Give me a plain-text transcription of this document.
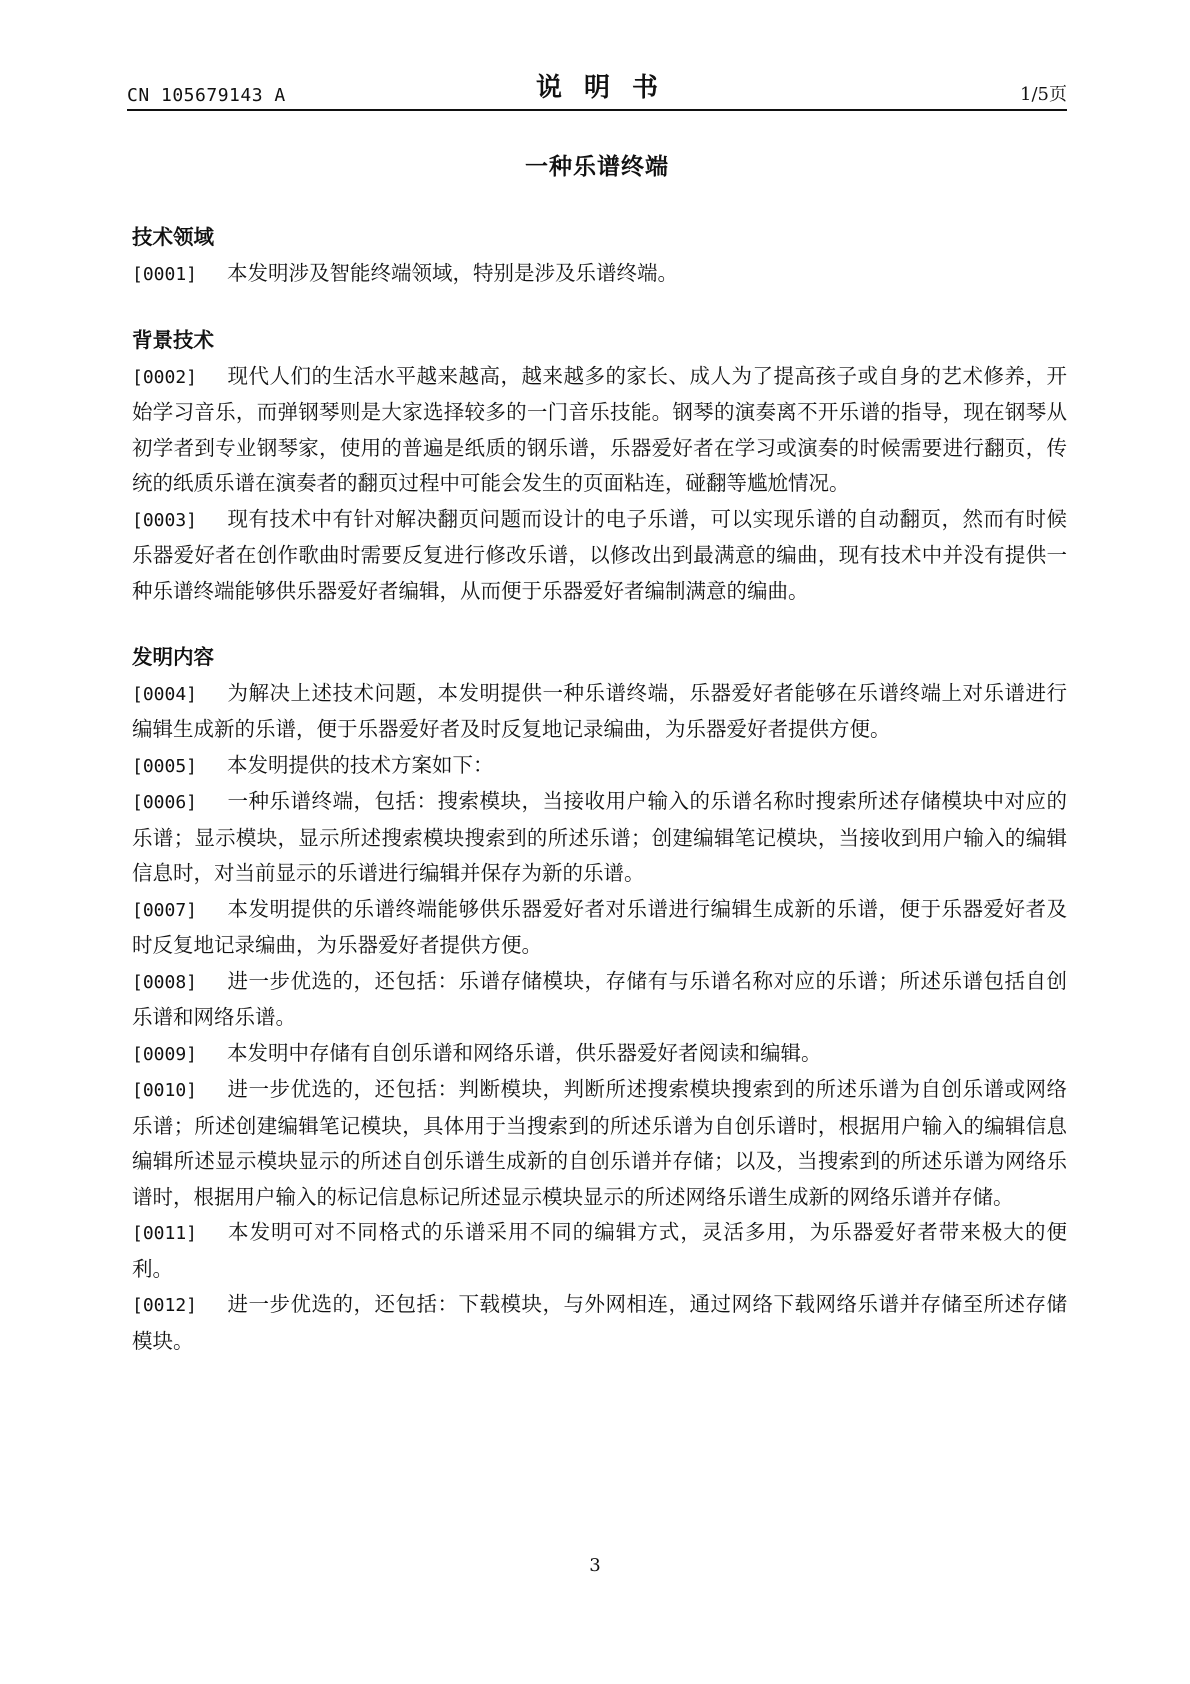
CN 105679143 A	说明书	1/5页
一种乐谱终端
技术领域

[0001] 本发明涉及智能终端领域，特别是涉及乐谱终端。

背景技术

[0002] 现代人们的生活水平越来越高，越来越多的家长、成人为了提高孩子或自身的艺术修养，开始学习音乐，而弹钢琴则是大家选择较多的一门音乐技能。钢琴的演奏离不开乐谱的指导，现在钢琴从初学者到专业钢琴家，使用的普遍是纸质的钢乐谱，乐器爱好者在学习或演奏的时候需要进行翻页，传统的纸质乐谱在演奏者的翻页过程中可能会发生的页面粘连，碰翻等尴尬情况。

[0003] 现有技术中有针对解决翻页问题而设计的电子乐谱，可以实现乐谱的自动翻页，然而有时候乐器爱好者在创作歌曲时需要反复进行修改乐谱，以修改出到最满意的编曲，现有技术中并没有提供一种乐谱终端能够供乐器爱好者编辑，从而便于乐器爱好者编制满意的编曲。

发明内容

[0004] 为解决上述技术问题，本发明提供一种乐谱终端，乐器爱好者能够在乐谱终端上对乐谱进行编辑生成新的乐谱，便于乐器爱好者及时反复地记录编曲，为乐器爱好者提供方便。

[0005] 本发明提供的技术方案如下：

[0006] 一种乐谱终端，包括：搜索模块，当接收用户输入的乐谱名称时搜索所述存储模块中对应的乐谱；显示模块，显示所述搜索模块搜索到的所述乐谱；创建编辑笔记模块，当接收到用户输入的编辑信息时，对当前显示的乐谱进行编辑并保存为新的乐谱。

[0007] 本发明提供的乐谱终端能够供乐器爱好者对乐谱进行编辑生成新的乐谱，便于乐器爱好者及时反复地记录编曲，为乐器爱好者提供方便。

[0008] 进一步优选的，还包括：乐谱存储模块，存储有与乐谱名称对应的乐谱；所述乐谱包括自创乐谱和网络乐谱。

[0009] 本发明中存储有自创乐谱和网络乐谱，供乐器爱好者阅读和编辑。

[0010] 进一步优选的，还包括：判断模块，判断所述搜索模块搜索到的所述乐谱为自创乐谱或网络乐谱；所述创建编辑笔记模块，具体用于当搜索到的所述乐谱为自创乐谱时，根据用户输入的编辑信息编辑所述显示模块显示的所述自创乐谱生成新的自创乐谱并存储；以及，当搜索到的所述乐谱为网络乐谱时，根据用户输入的标记信息标记所述显示模块显示的所述网络乐谱生成新的网络乐谱并存储。

[0011] 本发明可对不同格式的乐谱采用不同的编辑方式，灵活多用，为乐器爱好者带来极大的便利。

[0012] 进一步优选的，还包括：下载模块，与外网相连，通过网络下载网络乐谱并存储至所述存储模块。

3
